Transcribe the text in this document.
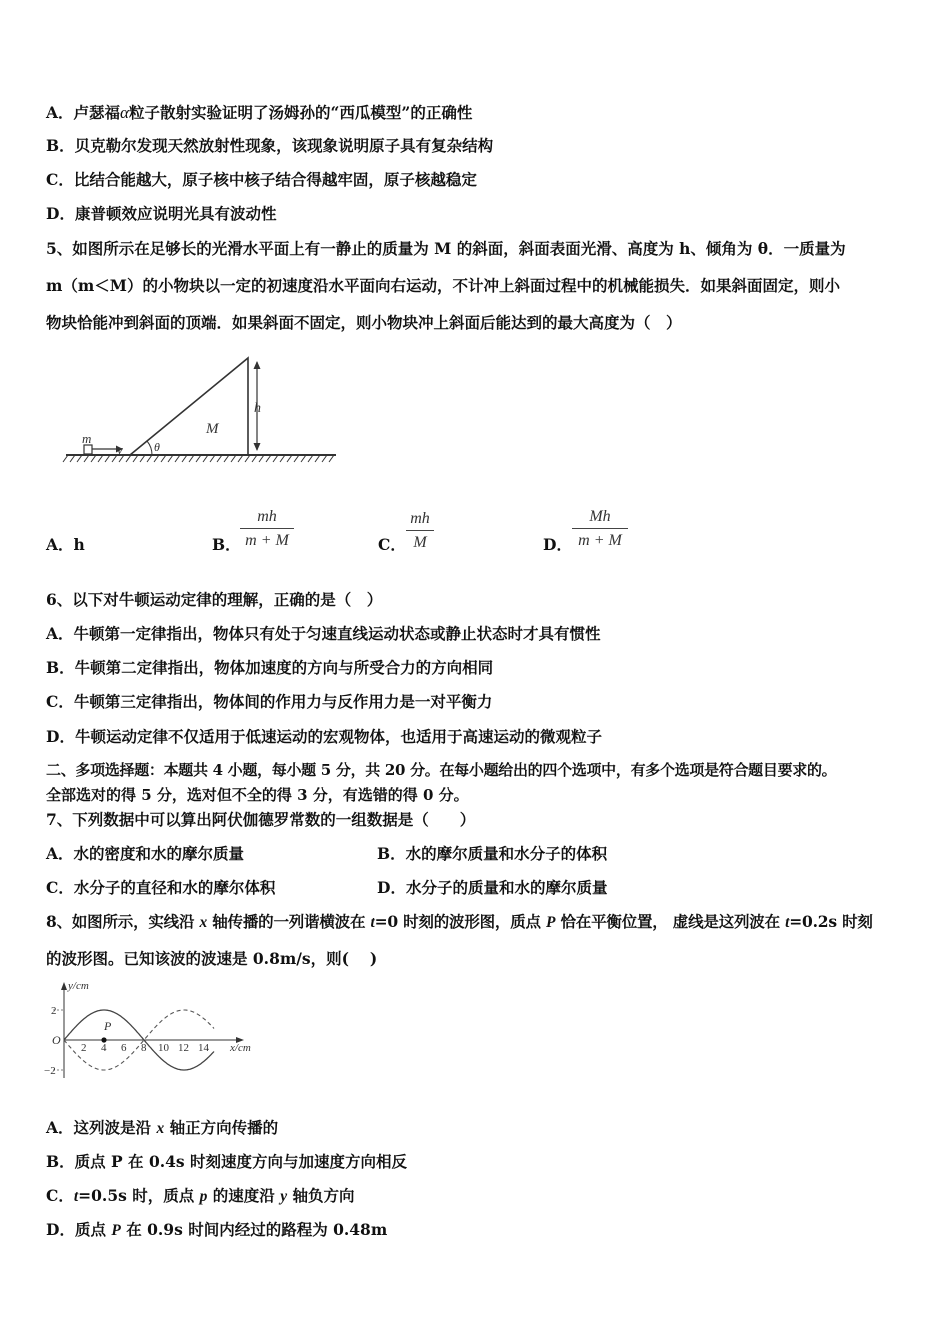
A．卢瑟福α粒子散射实验证明了汤姆孙的“西瓜模型”的正确性
B．贝克勒尔发现天然放射性现象，该现象说明原子具有复杂结构
C．比结合能越大，原子核中核子结合得越牢固，原子核越稳定
D．康普顿效应说明光具有波动性
5、如图所示在足够长的光滑水平面上有一静止的质量为 M 的斜面，斜面表面光滑、高度为 h、倾角为 θ．一质量为
m（m＜M）的小物块以一定的初速度沿水平面向右运动，不计冲上斜面过程中的机械能损失．如果斜面固定，则小
物块恰能冲到斜面的顶端．如果斜面不固定，则小物块冲上斜面后能达到的最大高度为（　）
m
v	θ
M
h
A．h	B．
mh
m + M	C．
mh
M	D．
Mh
m + M
6、以下对牛顿运动定律的理解，正确的是（　）
A．牛顿第一定律指出，物体只有处于匀速直线运动状态或静止状态时才具有惯性
B．牛顿第二定律指出，物体加速度的方向与所受合力的方向相同
C．牛顿第三定律指出，物体间的作用力与反作用力是一对平衡力
D．牛顿运动定律不仅适用于低速运动的宏观物体，也适用于高速运动的微观粒子
二、多项选择题：本题共 4 小题，每小题 5 分，共 20 分。在每小题给出的四个选项中，有多个选项是符合题目要求的。
全部选对的得 5 分，选对但不全的得 3 分，有选错的得 0 分。
7、下列数据中可以算出阿伏伽德罗常数的一组数据是（　　）
A．水的密度和水的摩尔质量	B．水的摩尔质量和水分子的体积
C．水分子的直径和水的摩尔体积	D．水分子的质量和水的摩尔质量
8、如图所示，实线沿 x 轴传播的一列谐横波在 t=0 时刻的波形图，质点 P 恰在平衡位置， 虚线是这列波在 t=0.2s 时刻
的波形图。已知该波的波速是 0.8m/s，则(　 )
y/cm
x/cm
O
P
2 4 6 8 10 12 14
2
−2
A．这列波是沿 x 轴正方向传播的
B．质点 P 在 0.4s 时刻速度方向与加速度方向相反
C．t=0.5s 时，质点 p 的速度沿 y 轴负方向
D．质点 P 在 0.9s 时间内经过的路程为 0.48m
